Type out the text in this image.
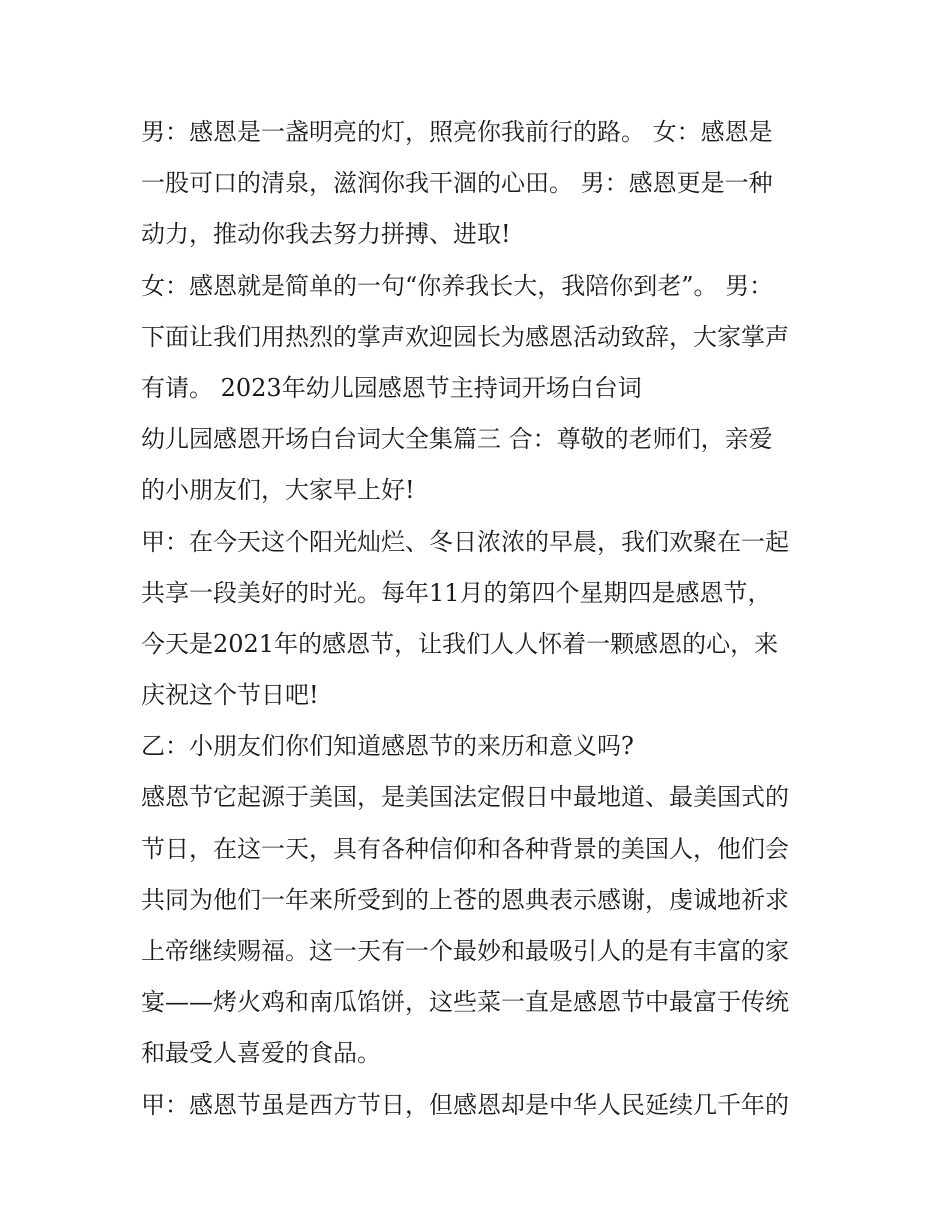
男：感恩是一盏明亮的灯，照亮你我前行的路。 女：感恩是
一股可口的清泉，滋润你我干涸的心田。 男：感恩更是一种
动力，推动你我去努力拼搏、进取!
女：感恩就是简单的一句“你养我长大，我陪你到老”。 男：
下面让我们用热烈的掌声欢迎园长为感恩活动致辞，大家掌声
有请。 2023年幼儿园感恩节主持词开场白台词
幼儿园感恩开场白台词大全集篇三 合：尊敬的老师们，亲爱
的小朋友们，大家早上好!
甲：在今天这个阳光灿烂、冬日浓浓的早晨，我们欢聚在一起
共享一段美好的时光。每年11月的第四个星期四是感恩节，
今天是2021年的感恩节，让我们人人怀着一颗感恩的心，来
庆祝这个节日吧!
乙：小朋友们你们知道感恩节的来历和意义吗?
感恩节它起源于美国，是美国法定假日中最地道、最美国式的
节日，在这一天，具有各种信仰和各种背景的美国人，他们会
共同为他们一年来所受到的上苍的恩典表示感谢，虔诚地祈求
上帝继续赐福。这一天有一个最妙和最吸引人的是有丰富的家
宴——烤火鸡和南瓜馅饼，这些菜一直是感恩节中最富于传统
和最受人喜爱的食品。
甲：感恩节虽是西方节日，但感恩却是中华人民延续几千年的
